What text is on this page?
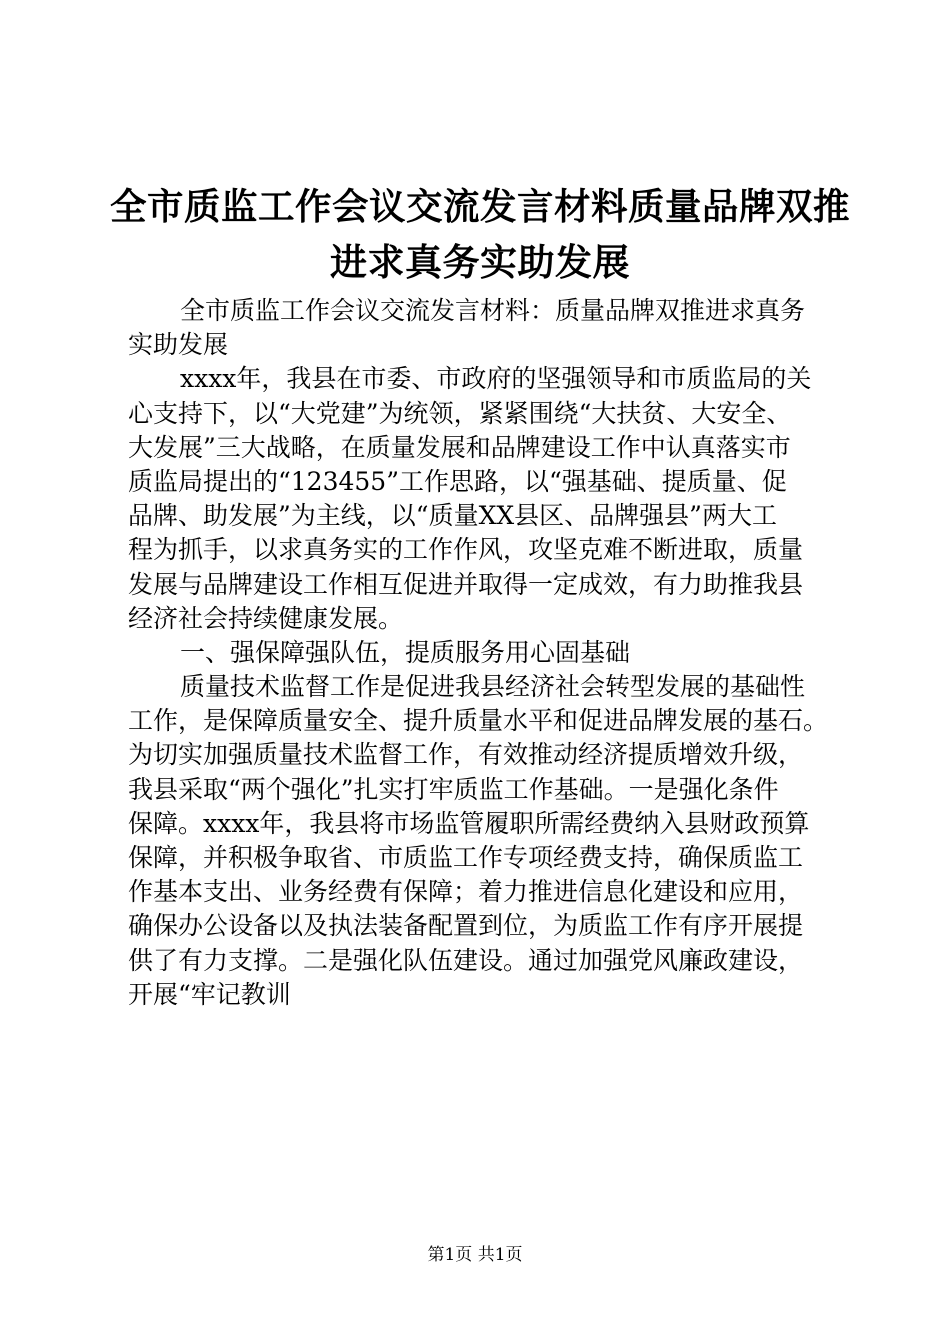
全市质监工作会议交流发言材料质量品牌双推
进求真务实助发展
全市质监工作会议交流发言材料：质量品牌双推进求真务
实助发展
xxxx年，我县在市委、市政府的坚强领导和市质监局的关
心支持下，以“大党建”为统领，紧紧围绕“大扶贫、大安全、
大发展”三大战略，在质量发展和品牌建设工作中认真落实市
质监局提出的“123455”工作思路，以“强基础、提质量、促
品牌、助发展”为主线，以“质量XX县区、品牌强县”两大工
程为抓手，以求真务实的工作作风，攻坚克难不断进取，质量
发展与品牌建设工作相互促进并取得一定成效，有力助推我县
经济社会持续健康发展。
一、强保障强队伍，提质服务用心固基础
质量技术监督工作是促进我县经济社会转型发展的基础性
工作，是保障质量安全、提升质量水平和促进品牌发展的基石。
为切实加强质量技术监督工作，有效推动经济提质增效升级，
我县采取“两个强化”扎实打牢质监工作基础。一是强化条件
保障。xxxx年，我县将市场监管履职所需经费纳入县财政预算
保障，并积极争取省、市质监工作专项经费支持，确保质监工
作基本支出、业务经费有保障；着力推进信息化建设和应用，
确保办公设备以及执法装备配置到位，为质监工作有序开展提
供了有力支撑。二是强化队伍建设。通过加强党风廉政建设，
开展“牢记教训
第1页 共1页
